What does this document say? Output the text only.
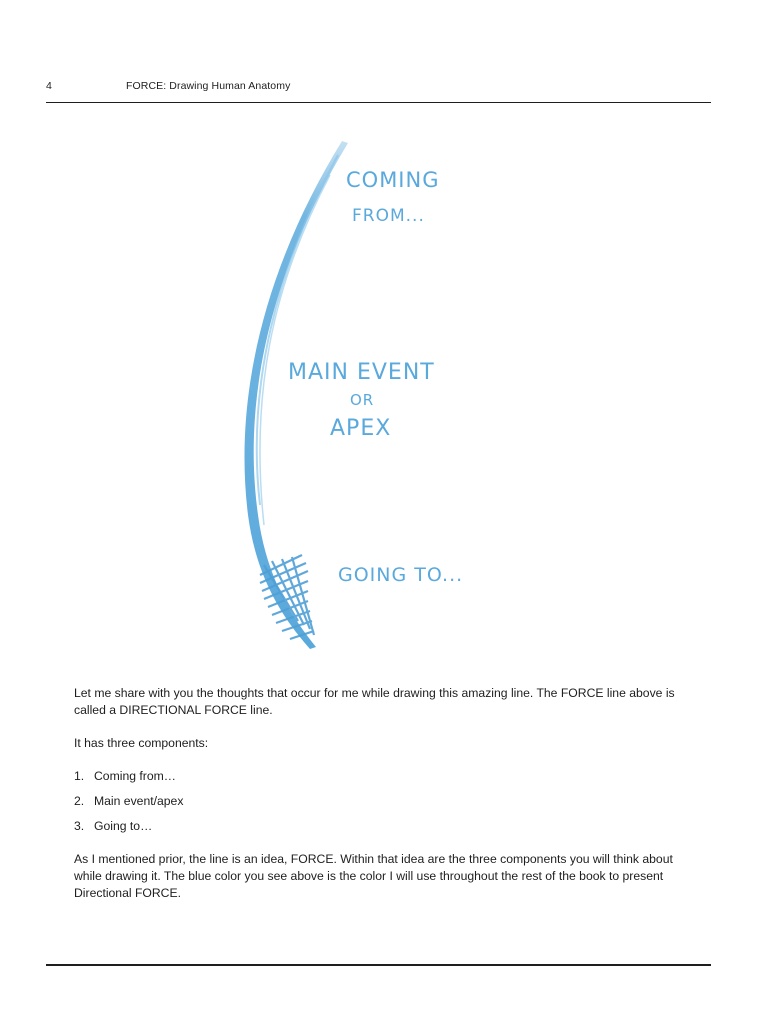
4	FORCE: Drawing Human Anatomy
COMING
FROM...
MAIN EVENT
OR
APEX
GOING TO...

Let me share with you the thoughts that occur for me while drawing this amazing line. The FORCE line above is called a DIRECTIONAL FORCE line.

It has three components:

1. Coming from…
2. Main event/apex
3. Going to…

As I mentioned prior, the line is an idea, FORCE. Within that idea are the three components you will think about while drawing it. The blue color you see above is the color I will use throughout the rest of the book to present Directional FORCE.
